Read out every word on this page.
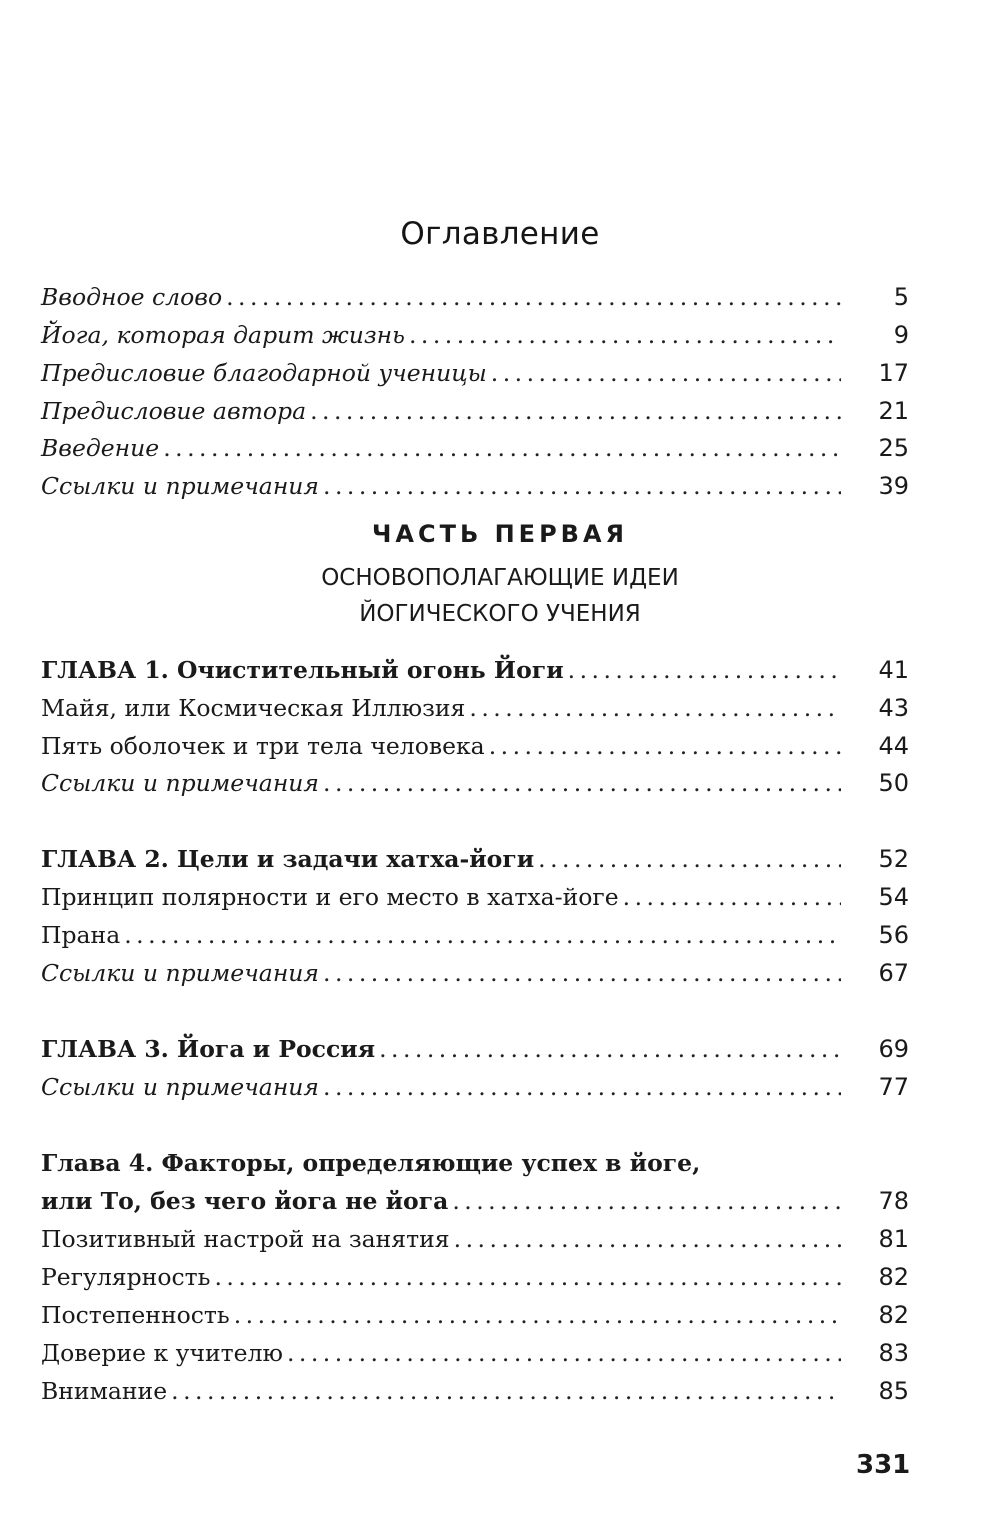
Оглавление
Вводное слово . . .	5
Йога, которая дарит жизнь . . .	9
Предисловие благодарной ученицы . . .	17
Предисловие автора . . .	21
Введение . . .	25
Ссылки и примечания . . .	39
ЧАСТЬ ПЕРВАЯ
ОСНОВОПОЛАГАЮЩИЕ ИДЕИ
ЙОГИЧЕСКОГО УЧЕНИЯ
ГЛАВА 1. Очистительный огонь Йоги . . .	41
Майя, или Космическая Иллюзия . . .	43
Пять оболочек и три тела человека . . .	44
Ссылки и примечания . . .	50
ГЛАВА 2. Цели и задачи хатха-йоги . . .	52
Принцип полярности и его место в хатха-йоге . . .	54
Прана . . .	56
Ссылки и примечания . . .	67
ГЛАВА 3. Йога и Россия . . .	69
Ссылки и примечания . . .	77
Глава 4. Факторы, определяющие успех в йоге,
или То, без чего йога не йога . . .	78
Позитивный настрой на занятия . . .	81
Регулярность . . .	82
Постепенность . . .	82
Доверие к учителю . . .	83
Внимание . . .	85
331
